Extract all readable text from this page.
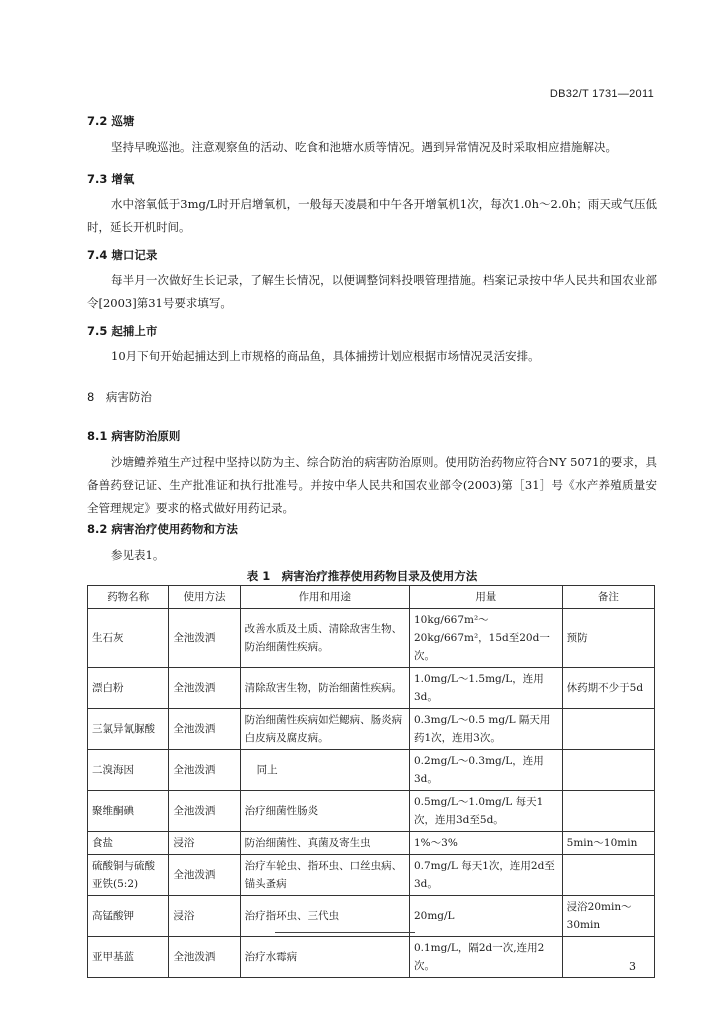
DB32/T 1731—2011
7.2 巡塘
坚持早晚巡池。注意观察鱼的活动、吃食和池塘水质等情况。遇到异常情况及时采取相应措施解决。
7.3 增氧
水中溶氧低于3mg/L时开启增氧机，一般每天凌晨和中午各开增氧机1次，每次1.0h～2.0h；雨天或气压低时，延长开机时间。
7.4 塘口记录
每半月一次做好生长记录，了解生长情况，以便调整饲料投喂管理措施。档案记录按中华人民共和国农业部令[2003]第31号要求填写。
7.5 起捕上市
10月下旬开始起捕达到上市规格的商品鱼，具体捕捞计划应根据市场情况灵活安排。
8　病害防治
8.1 病害防治原则
沙塘鳢养殖生产过程中坚持以防为主、综合防治的病害防治原则。使用防治药物应符合NY 5071的要求，具备兽药登记证、生产批准证和执行批准号。并按中华人民共和国农业部令(2003)第［31］号《水产养殖质量安全管理规定》要求的格式做好用药记录。
8.2 病害治疗使用药物和方法
参见表1。
表 1　病害治疗推荐使用药物目录及使用方法
药物名称	使用方法	作用和用途	用量	备注
生石灰	全池泼洒	改善水质及土质、清除敌害生物、防治细菌性疾病。	10kg/667m²～20kg/667m²，15d至20d一次。	预防
漂白粉	全池泼洒	清除敌害生物，防治细菌性疾病。	1.0mg/L～1.5mg/L，连用3d。	休药期不少于5d
三氯异氰脲酸	全池泼洒	防治细菌性疾病如烂鳃病、肠炎病白皮病及腐皮病。	0.3mg/L～0.5 mg/L 隔天用药1次，连用3次。	
二溴海因	全池泼洒	同上	0.2mg/L～0.3mg/L，连用3d。	
聚维酮碘	全池泼洒	治疗细菌性肠炎	0.5mg/L～1.0mg/L 每天1次，连用3d至5d。	
食盐	浸浴	防治细菌性、真菌及寄生虫	1%～3%	5min～10min
硫酸铜与硫酸亚铁(5:2)	全池泼洒	治疗车轮虫、指环虫、口丝虫病、锚头蚤病	0.7mg/L 每天1次，连用2d至3d。	
高锰酸钾	浸浴	治疗指环虫、三代虫	20mg/L	浸浴20min～30min
亚甲基蓝	全池泼洒	治疗水霉病	0.1mg/L，隔2d一次,连用2次。		3
